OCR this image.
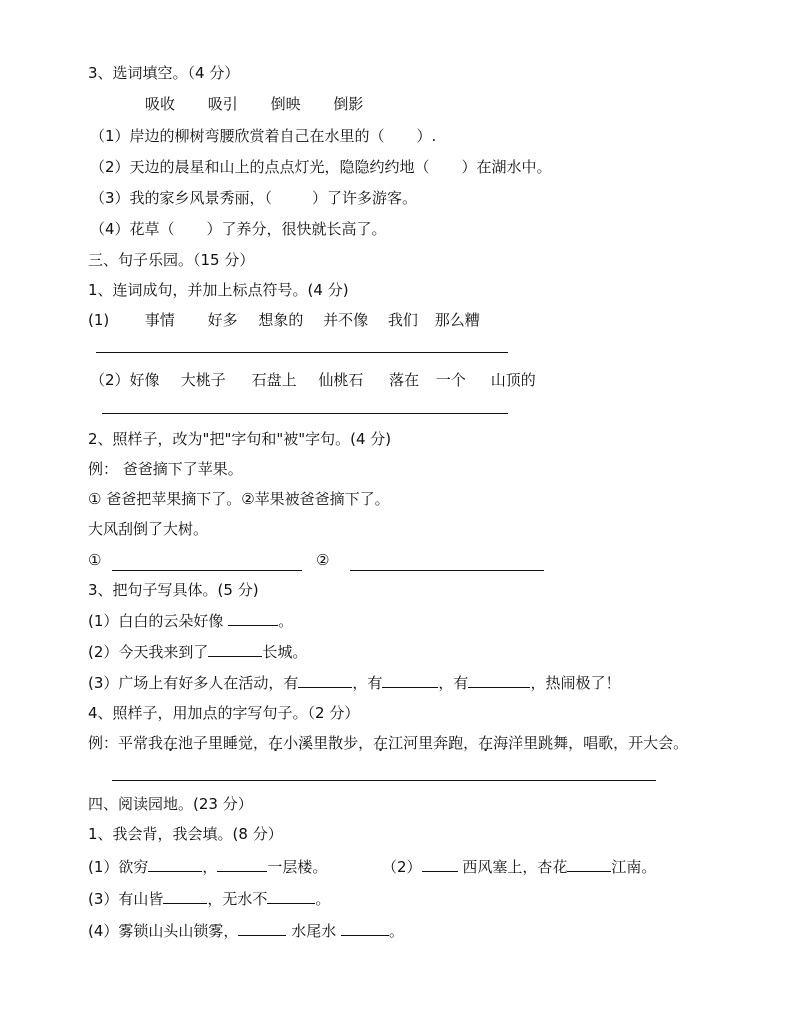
3、选词填空。（4 分）
吸收 吸引 倒映 倒影
（1）岸边的柳树弯腰欣赏着自己在水里的（ ）.
（2）天边的晨星和山上的点点灯光，隐隐约约地（ ）在湖水中。
（3）我的家乡风景秀丽，（	）了许多游客。
（4）花草（ ）了养分，很快就长高了。
三、句子乐园。（15 分）
1、连词成句，并加上标点符号。(4 分)
(1) 事情 好多 想象的 并不像 我们 那么糟
（2）好像 大桃子 石盘上 仙桃石 落在 一个 山顶的
2、照样子，改为"把"字句和"被"字句。(4 分)
例： 爸爸摘下了苹果。
① 爸爸把苹果摘下了。②苹果被爸爸摘下了。
大风刮倒了大树。
①	②
3、把句子写具体。(5 分)
(1）白白的云朵好像	。
(2）今天我来到了	长城。
(3）广场上有好多人在活动，有	，有	，有	，热闹极了！
4、照样子，用加点的字写句子。（2 分）
例：平常我在池子里睡觉，在小溪里散步，在江河里奔跑，在海洋里跳舞，唱歌，开大会。
四、阅读园地。(23 分）
1、我会背，我会填。(8 分）
(1）欲穷	，	一层楼。	（2）	西风塞上，杏花	江南。
(3）有山皆	，无水不	。
(4）雾锁山头山锁雾，	水尾水	。
